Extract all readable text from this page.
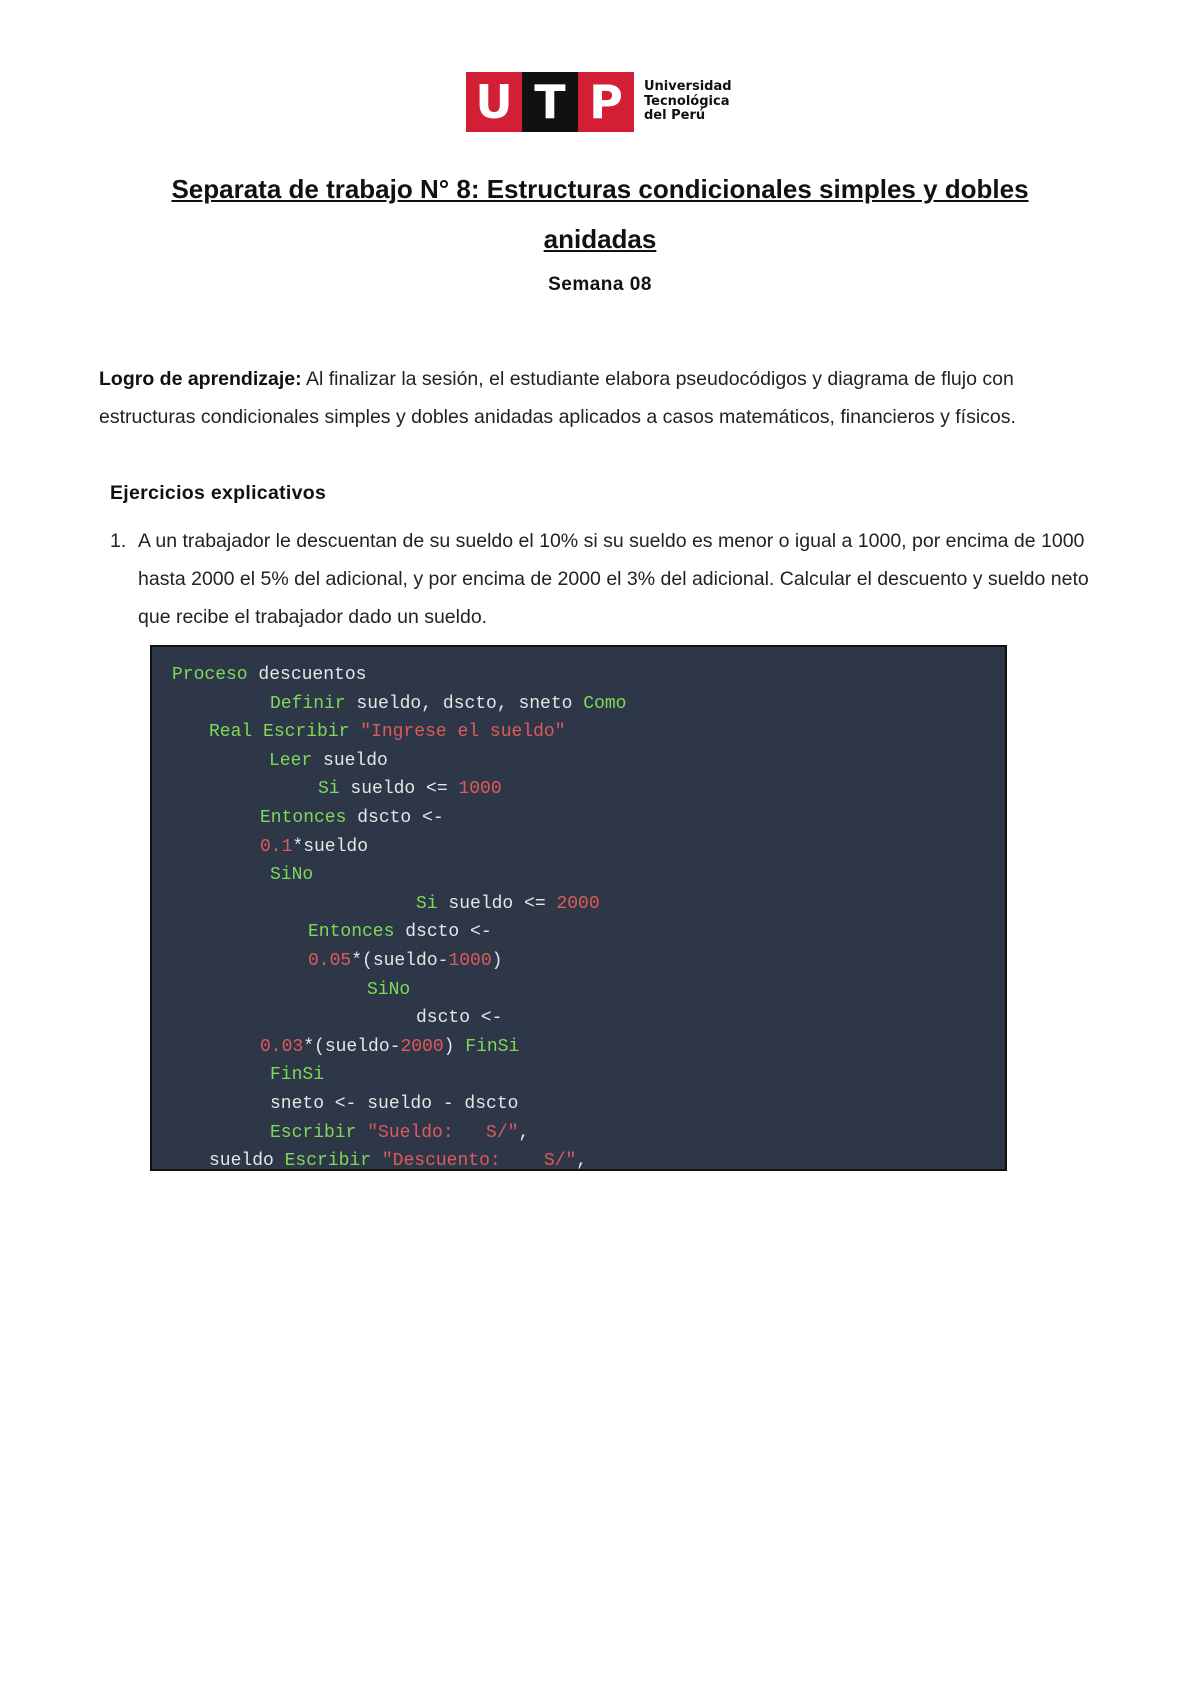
U T P	Universidad
Tecnológica
del Perú
Separata de trabajo N° 8: Estructuras condicionales simples y dobles
anidadas
Semana 08
Logro de aprendizaje: Al finalizar la sesión, el estudiante elabora pseudocódigos y diagrama de flujo con estructuras condicionales simples y dobles anidadas aplicados a casos matemáticos, financieros y físicos.
Ejercicios explicativos
1. A un trabajador le descuentan de su sueldo el 10% si su sueldo es menor o igual a 1000, por encima de 1000 hasta 2000 el 5% del adicional, y por encima de 2000 el 3% del adicional. Calcular el descuento y sueldo neto que recibe el trabajador dado un sueldo.
Proceso descuentos
Definir sueldo, dscto, sneto Como
Real Escribir "Ingrese el sueldo"
Leer sueldo
Si sueldo <= 1000
Entonces dscto <-
0.1*sueldo
SiNo
Si sueldo <= 2000
Entonces dscto <-
0.05*(sueldo-1000)
SiNo
dscto <-
0.03*(sueldo-2000) FinSi
FinSi
sneto <- sueldo - dscto
Escribir "Sueldo:   S/",
sueldo Escribir "Descuento:    S/",
